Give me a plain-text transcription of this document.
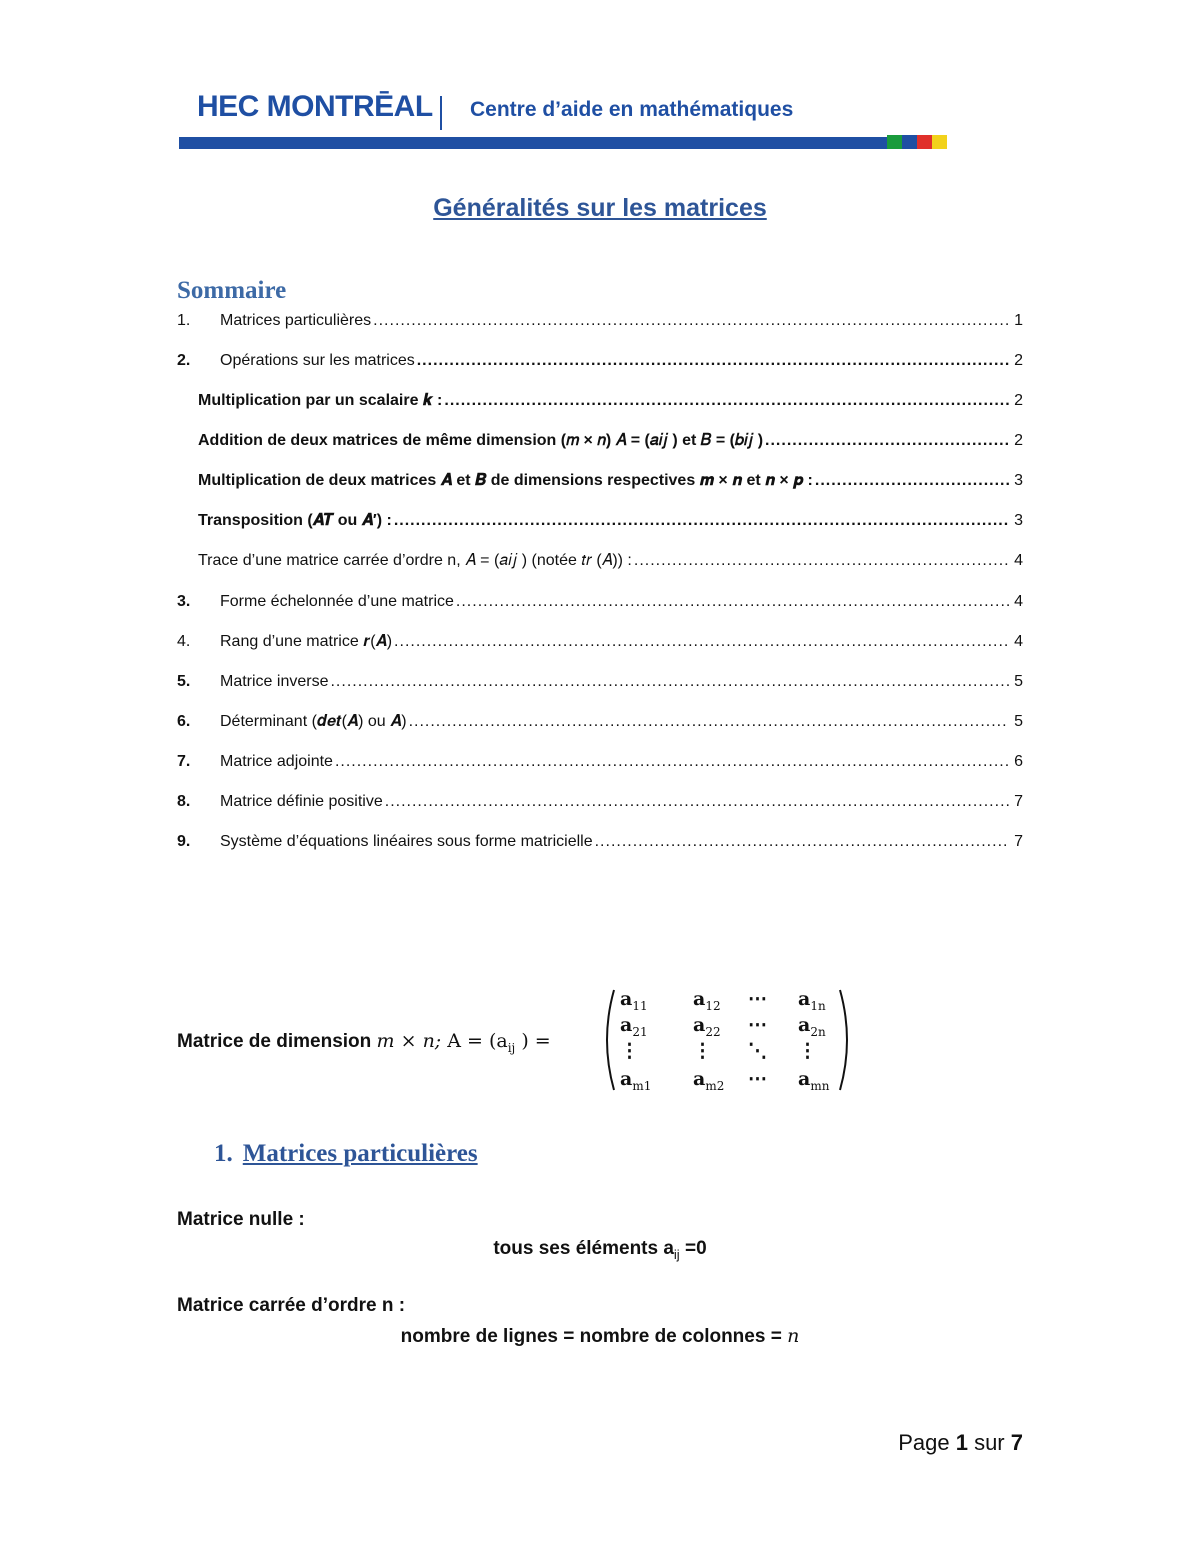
HEC MONTRĒAL Centre d’aide en mathématiques
Généralités sur les matrices
Sommaire
1.	Matrices particulières .....	1
2.	Opérations sur les matrices .....	2
Multiplication par un scalaire 𝒌 : .....	2
Addition de deux matrices de même dimension (𝑚 × 𝑛) 𝐴 = (𝑎𝑖𝑗 ) et 𝐵 = (𝑏𝑖𝑗 ) .....	2
Multiplication de deux matrices 𝑨 et 𝑩 de dimensions respectives 𝒎 × 𝒏 et 𝒏 × 𝒑 : .....	3
Transposition (𝑨𝑻 ou 𝑨′) : .....	3
Trace d’une matrice carrée d’ordre n, 𝐴 = (𝑎𝑖𝑗 ) (notée 𝑡𝑟 (𝐴)) : .....	4
3.	Forme échelonnée d’une matrice .....	4
4.	Rang d’une matrice 𝒓(𝑨) .....	4
5.	Matrice inverse .....	5
6.	Déterminant (𝒅𝒆𝒕(𝑨) ou 𝑨) .....	5
7.	Matrice adjointe .....	6
8.	Matrice définie positive .....	7
9.	Système d’équations linéaires sous forme matricielle .....	7
Matrice de dimension 𝑚 × 𝑛; $A = (a_{ij}$ ) =
$a_{11}$ $a_{12}$ ⋯ $a_{1n}$
$a_{21}$ $a_{22}$ ⋯ $a_{2n}$
⋮	⋮ ⋱ ⋮
$a_{m1}$ $a_{m2}$ ⋯ $a_{mn}$
1. Matrices particulières
Matrice nulle :
tous ses éléments $a_{ij} =0$
Matrice carrée d’ordre n :
nombre de lignes = nombre de colonnes = 𝑛
Page 1 sur 7
